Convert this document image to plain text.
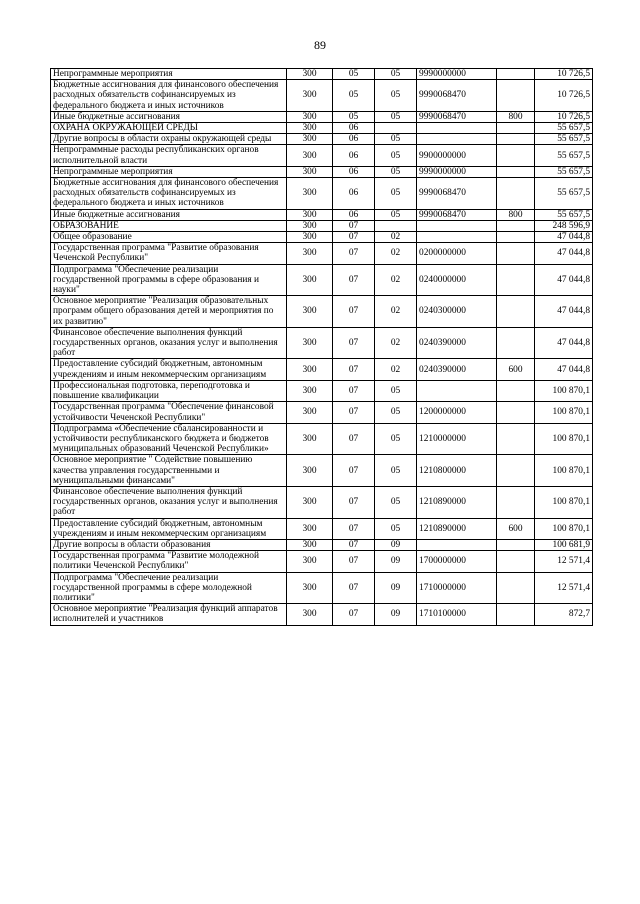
89
Непрограммные мероприятия	300	05	05	9990000000		10 726,5
Бюджетные ассигнования для финансового обеспечения расходных обязательств софинансируемых из федерального бюджета и иных источников	300	05	05	9990068470		10 726,5
Иные бюджетные ассигнования	300	05	05	9990068470	800	10 726,5
ОХРАНА ОКРУЖАЮЩЕЙ СРЕДЫ	300	06				55 657,5
Другие вопросы в области охраны окружающей среды	300	06	05			55 657,5
Непрограммные расходы республиканских органов исполнительной власти	300	06	05	9900000000		55 657,5
Непрограммные мероприятия	300	06	05	9990000000		55 657,5
Бюджетные ассигнования для финансового обеспечения расходных обязательств софинансируемых из федерального бюджета и иных источников	300	06	05	9990068470		55 657,5
Иные бюджетные ассигнования	300	06	05	9990068470	800	55 657,5
ОБРАЗОВАНИЕ	300	07				248 596,9
Общее образование	300	07	02			47 044,8
Государственная программа "Развитие образования Чеченской Республики"	300	07	02	0200000000		47 044,8
Подпрограмма "Обеспечение реализации государственной программы в сфере образования и науки"	300	07	02	0240000000		47 044,8
Основное мероприятие "Реализация образовательных программ общего образования детей и мероприятия по их развитию"	300	07	02	0240300000		47 044,8
Финансовое обеспечение выполнения функций государственных органов, оказания услуг и выполнения работ	300	07	02	0240390000		47 044,8
Предоставление субсидий бюджетным, автономным учреждениям и иным некоммерческим организациям	300	07	02	0240390000	600	47 044,8
Профессиональная подготовка, переподготовка и повышение квалификации	300	07	05			100 870,1
Государственная программа "Обеспечение финансовой устойчивости Чеченской Республики"	300	07	05	1200000000		100 870,1
Подпрограмма «Обеспечение сбалансированности и устойчивости республиканского бюджета и бюджетов муниципальных образований Чеченской Республики»	300	07	05	1210000000		100 870,1
Основное мероприятие " Содействие повышению качества управления государственными и муниципальными финансами"	300	07	05	1210800000		100 870,1
Финансовое обеспечение выполнения функций государственных органов, оказания услуг и выполнения работ	300	07	05	1210890000		100 870,1
Предоставление субсидий бюджетным, автономным учреждениям и иным некоммерческим организациям	300	07	05	1210890000	600	100 870,1
Другие вопросы в области образования	300	07	09			100 681,9
Государственная программа "Развитие молодежной политики Чеченской Республики"	300	07	09	1700000000		12 571,4
Подпрограмма "Обеспечение реализации государственной программы в сфере молодежной политики"	300	07	09	1710000000		12 571,4
Основное мероприятие "Реализация функций аппаратов исполнителей и участников	300	07	09	1710100000		872,7
